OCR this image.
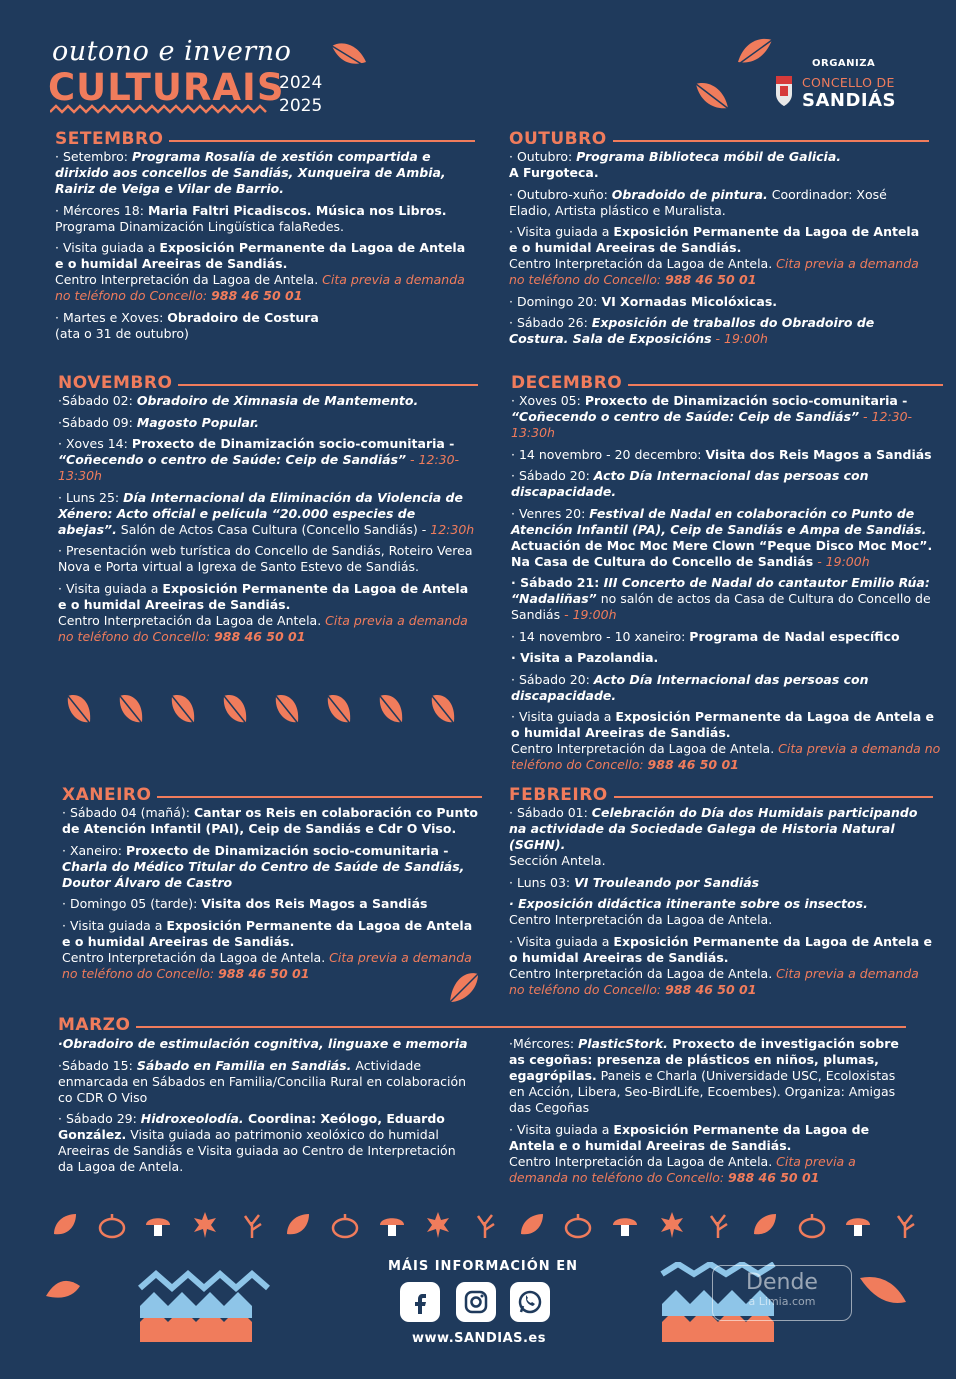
outono e inverno
CULTURAIS
2024
2025
ORGANIZA
CONCELLO DE
SANDIÁS
SETEMBRO
· Setembro: Programa Rosalía de xestión compartida e dirixido aos concellos de Sandiás, Xunqueira de Ambia, Rairiz de Veiga e Vilar de Barrio.
· Mércores 18: Maria Faltri Picadiscos. Música nos Libros.
Programa Dinamización Lingüística falaRedes.
· Visita guiada a Exposición Permanente da Lagoa de Antela e o humidal Areeiras de Sandiás.
Centro Interpretación da Lagoa de Antela. Cita previa a demanda no teléfono do Concello: 988 46 50 01
· Martes e Xoves: Obradoiro de Costura
(ata o 31 de outubro)
OUTUBRO
· Outubro: Programa Biblioteca móbil de Galicia.
A Furgoteca.
· Outubro-xuño: Obradoido de pintura. Coordinador: Xosé Eladio, Artista plástico e Muralista.
· Visita guiada a Exposición Permanente da Lagoa de Antela e o humidal Areeiras de Sandiás.
Centro Interpretación da Lagoa de Antela. Cita previa a demanda no teléfono do Concello: 988 46 50 01
· Domingo 20: VI Xornadas Micolóxicas.
· Sábado 26: Exposición de traballos do Obradoiro de Costura. Sala de Exposicións - 19:00h
NOVEMBRO
·Sábado 02: Obradoiro de Ximnasia de Mantemento.
·Sábado 09: Magosto Popular.
· Xoves 14: Proxecto de Dinamización socio-comunitaria -
“Coñecendo o centro de Saúde: Ceip de Sandiás” - 12:30-13:30h
· Luns 25: Día Internacional da Eliminación da Violencia de Xénero: Acto oficial e película “20.000 especies de abejas”. Salón de Actos Casa Cultura (Concello Sandiás) - 12:30h
· Presentación web turística do Concello de Sandiás, Roteiro Verea Nova e Porta virtual a Igrexa de Santo Estevo de Sandiás.
· Visita guiada a Exposición Permanente da Lagoa de Antela e o humidal Areeiras de Sandiás.
Centro Interpretación da Lagoa de Antela. Cita previa a demanda no teléfono do Concello: 988 46 50 01
DECEMBRO
· Xoves 05: Proxecto de Dinamización socio-comunitaria -
“Coñecendo o centro de Saúde: Ceip de Sandiás” - 12:30-13:30h
· 14 novembro - 20 decembro: Visita dos Reis Magos a Sandiás
· Sábado 20: Acto Día Internacional das persoas con discapacidade.
· Venres 20: Festival de Nadal en colaboración co Punto de Atención Infantil (PA), Ceip de Sandiás e Ampa de Sandiás. Actuación de Moc Moc Mere Clown “Peque Disco Moc Moc”. Na Casa de Cultura do Concello de Sandiás - 19:00h
· Sábado 21: III Concerto de Nadal do cantautor Emilio Rúa: “Nadaliñas” no salón de actos da Casa de Cultura do Concello de Sandiás - 19:00h
· 14 novembro - 10 xaneiro: Programa de Nadal específico
· Visita a Pazolandia.
· Sábado 20: Acto Día Internacional das persoas con discapacidade.
· Visita guiada a Exposición Permanente da Lagoa de Antela e o humidal Areeiras de Sandiás.
Centro Interpretación da Lagoa de Antela. Cita previa a demanda no teléfono do Concello: 988 46 50 01
XANEIRO
· Sábado 04 (mañá): Cantar os Reis en colaboración co Punto de Atención Infantil (PAI), Ceip de Sandiás e Cdr O Viso.
· Xaneiro: Proxecto de Dinamización socio-comunitaria -
Charla do Médico Titular do Centro de Saúde de Sandiás, Doutor Álvaro de Castro
· Domingo 05 (tarde): Visita dos Reis Magos a Sandiás
· Visita guiada a Exposición Permanente da Lagoa de Antela e o humidal Areeiras de Sandiás.
Centro Interpretación da Lagoa de Antela. Cita previa a demanda no teléfono do Concello: 988 46 50 01
FEBREIRO
· Sábado 01: Celebración do Día dos Humidais participando na actividade da Sociedade Galega de Historia Natural (SGHN).
Sección Antela.
· Luns 03: VI Trouleando por Sandiás
· Exposición didáctica itinerante sobre os insectos.
Centro Interpretación da Lagoa de Antela.
· Visita guiada a Exposición Permanente da Lagoa de Antela e o humidal Areeiras de Sandiás.
Centro Interpretación da Lagoa de Antela. Cita previa a demanda no teléfono do Concello: 988 46 50 01
MARZO
·Obradoiro de estimulación cognitiva, linguaxe e memoria
·Sábado 15: Sábado en Familia en Sandiás. Actividade enmarcada en Sábados en Familia/Concilia Rural en colaboración co CDR O Viso
· Sábado 29: Hidroxeolodía. Coordina: Xeólogo, Eduardo González. Visita guiada ao patrimonio xeolóxico do humidal Areeiras de Sandiás e Visita guiada ao Centro de Interpretación da Lagoa de Antela.
·Mércores: PlasticStork. Proxecto de investigación sobre as cegoñas: presenza de plásticos en niños, plumas, egagrópilas. Paneis e Charla (Universidade USC, Ecoloxistas en Acción, Libera, Seo-BirdLife, Ecoembes). Organiza: Amigas das Cegoñas
· Visita guiada a Exposición Permanente da Lagoa de Antela e o humidal Areeiras de Sandiás.
Centro Interpretación da Lagoa de Antela. Cita previa a demanda no teléfono do Concello: 988 46 50 01
MÁIS INFORMACIÓN EN
www.SANDIAS.es
Dende
a Limia.com
